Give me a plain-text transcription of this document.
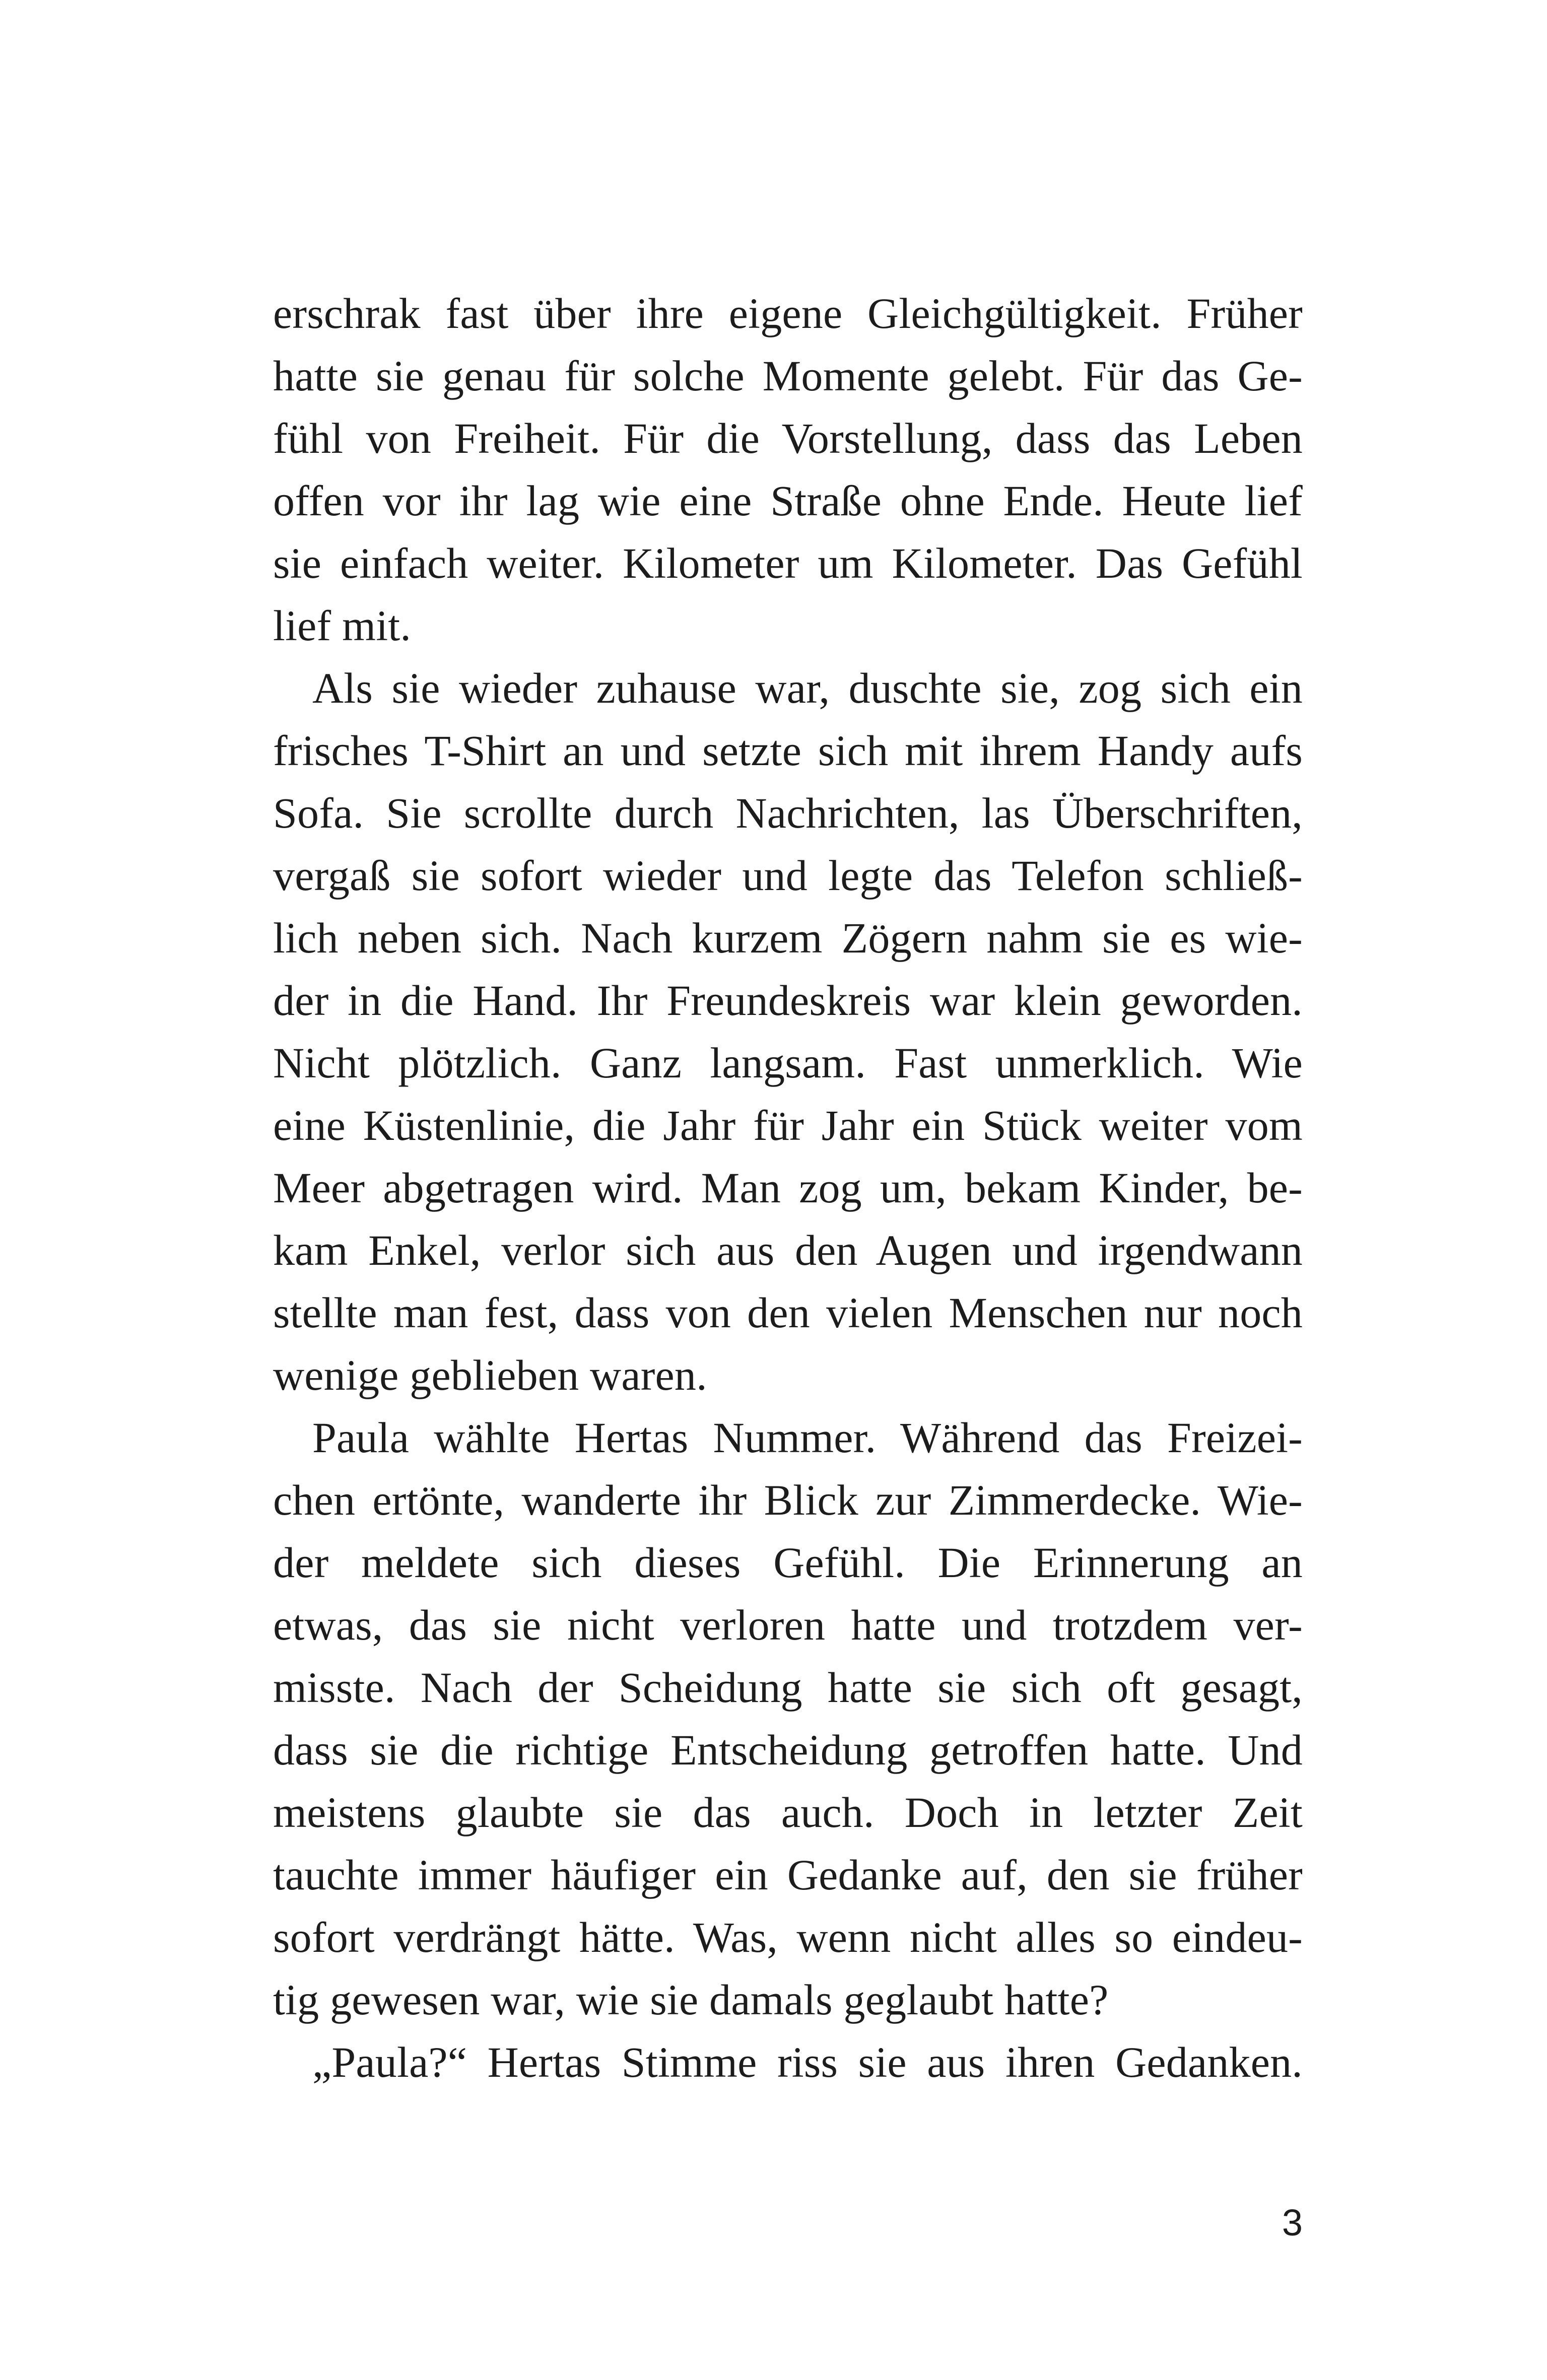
erschrak fast über ihre eigene Gleichgültigkeit. Früher
hatte sie genau für solche Momente gelebt. Für das Ge-
fühl von Freiheit. Für die Vorstellung, dass das Leben
offen vor ihr lag wie eine Straße ohne Ende. Heute lief
sie einfach weiter. Kilometer um Kilometer. Das Gefühl
lief mit.
Als sie wieder zuhause war, duschte sie, zog sich ein
frisches T-Shirt an und setzte sich mit ihrem Handy aufs
Sofa. Sie scrollte durch Nachrichten, las Überschriften,
vergaß sie sofort wieder und legte das Telefon schließ-
lich neben sich. Nach kurzem Zögern nahm sie es wie-
der in die Hand. Ihr Freundeskreis war klein geworden.
Nicht plötzlich. Ganz langsam. Fast unmerklich. Wie
eine Küstenlinie, die Jahr für Jahr ein Stück weiter vom
Meer abgetragen wird. Man zog um, bekam Kinder, be-
kam Enkel, verlor sich aus den Augen und irgendwann
stellte man fest, dass von den vielen Menschen nur noch
wenige geblieben waren.
Paula wählte Hertas Nummer. Während das Freizei-
chen ertönte, wanderte ihr Blick zur Zimmerdecke. Wie-
der meldete sich dieses Gefühl. Die Erinnerung an
etwas, das sie nicht verloren hatte und trotzdem ver-
misste. Nach der Scheidung hatte sie sich oft gesagt,
dass sie die richtige Entscheidung getroffen hatte. Und
meistens glaubte sie das auch. Doch in letzter Zeit
tauchte immer häufiger ein Gedanke auf, den sie früher
sofort verdrängt hätte. Was, wenn nicht alles so eindeu-
tig gewesen war, wie sie damals geglaubt hatte?
„Paula?“ Hertas Stimme riss sie aus ihren Gedanken.
3
